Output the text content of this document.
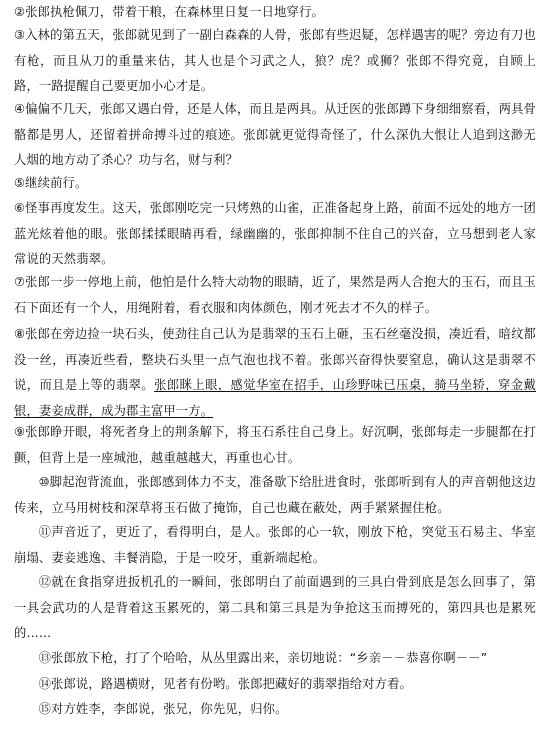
②张郎执枪佩刀，带着干粮，在森林里日复一日地穿行。

③入林的第五天，张郎就见到了一副白森森的人骨，张郎有些迟疑，怎样遇害的呢？旁边有刀也有枪，而且从刀的重量来估，其人也是个习武之人，狼？虎？或狮？张郎不得究竟，自顾上路，一路提醒自己要更加小心才是。

④偏偏不几天，张郎又遇白骨，还是人体，而且是两具。从迁医的张郎蹲下身细细察看，两具骨骼都是男人，还留着拼命搏斗过的痕迹。张郎就更觉得奇怪了，什么深仇大恨让人追到这渺无人烟的地方动了杀心？功与名，财与利？

⑤继续前行。

⑥怪事再度发生。这天，张郎刚吃完一只烤熟的山雀，正准备起身上路，前面不远处的地方一团蓝光炫着他的眼。张郎揉揉眼睛再看，绿幽幽的，张郎抑制不住自己的兴奋，立马想到老人家常说的天然翡翠。

⑦张郎一步一停地上前，他怕是什么特大动物的眼睛，近了，果然是两人合抱大的玉石，而且玉石下面还有一个人，用绳附着，看衣服和肉体颜色，刚才死去才不久的样子。

⑧张郎在旁边捡一块石头，使劲往自己认为是翡翠的玉石上砸，玉石丝毫没损，凑近看，暗纹都没一丝，再凑近些看，整块石头里一点气泡也找不着。张郎兴奋得快要窒息，确认这是翡翠不说，而且是上等的翡翠。张郎眯上眼，感觉华室在招手，山珍野味已压桌，骑马坐轿，穿金戴银，妻妾成群，成为郡主富甲一方。

⑨张郎睁开眼，将死者身上的荆条解下，将玉石系往自己身上。好沉啊，张郎每走一步腿都在打颤，但背上是一座城池，越重越越大，再重也心甘。

⑩脚起泡背流血，张郎感到体力不支，准备歇下给肚进食时，张郎听到有人的声音朝他这边传来，立马用树枝和深草将玉石做了掩饰，自己也藏在蔽处，两手紧紧握住枪。

⑪声音近了，更近了，看得明白，是人。张郎的心一软，刚放下枪，突觉玉石易主、华室崩塌、妻妾逃逸、丰餐消隐，于是一咬牙，重新端起枪。

⑫就在食指穿进扳机孔的一瞬间，张郎明白了前面遇到的三具白骨到底是怎么回事了，第一具会武功的人是背着这玉累死的，第二具和第三具是为争抢这玉而搏死的，第四具也是累死的……

⑬张郎放下枪，打了个哈哈，从丛里露出来，亲切地说：“乡亲－－恭喜你啊－－”

⑭张郎说，路遇横财，见者有份哟。张郎把藏好的翡翠指给对方看。

⑮对方姓李，李郎说，张兄，你先见，归你。
